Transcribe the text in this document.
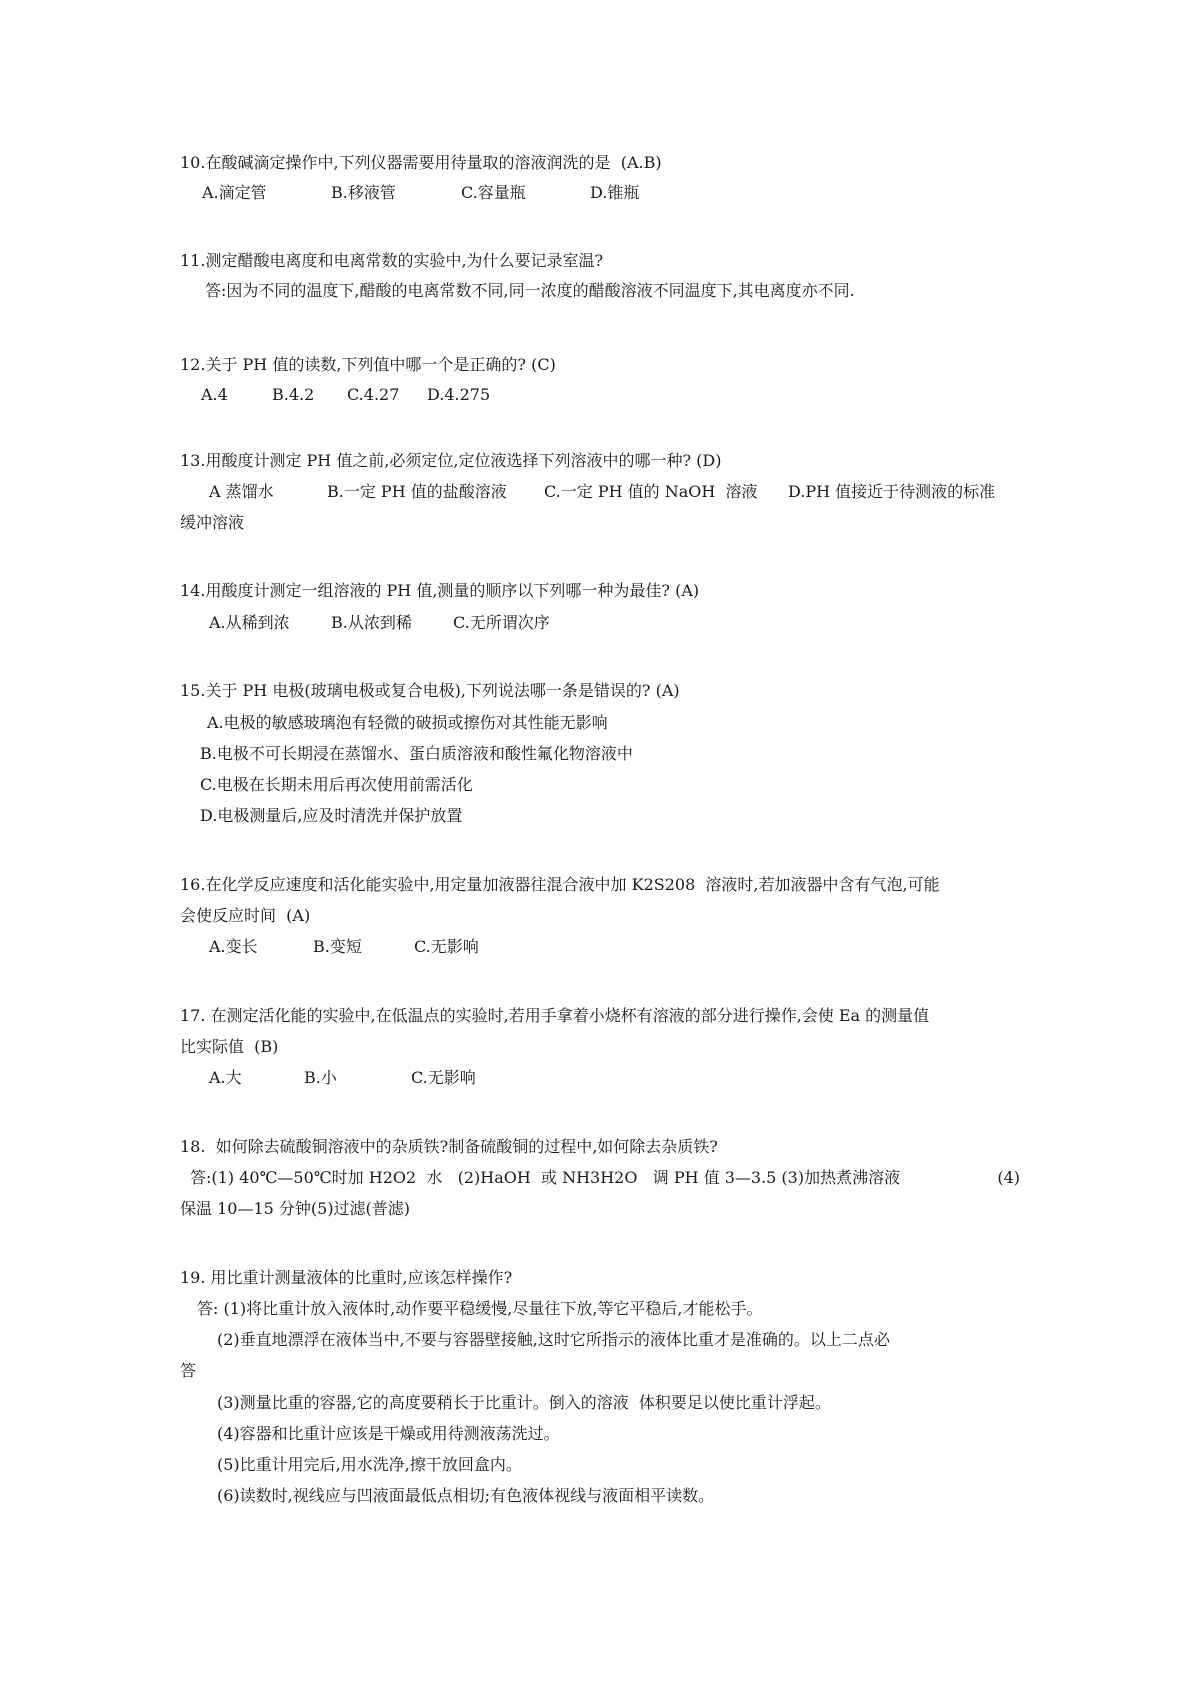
10.在酸碱滴定操作中,下列仪器需要用待量取的溶液润洗的是  (A.B)
A.滴定管	B.移液管	C.容量瓶	D.锥瓶
11.测定醋酸电离度和电离常数的实验中,为什么要记录室温?
答:因为不同的温度下,醋酸的电离常数不同,同一浓度的醋酸溶液不同温度下,其电离度亦不同.
12.关于 PH 值的读数,下列值中哪一个是正确的? (C)
A.4	B.4.2 C.4.27 D.4.275
13.用酸度计测定 PH 值之前,必须定位,定位液选择下列溶液中的哪一种? (D)
A 蒸馏水	B.一定 PH 值的盐酸溶液 C.一定 PH 值的 NaOH  溶液 D.PH 值接近于待测液的标准
缓冲溶液
14.用酸度计测定一组溶液的 PH 值,测量的顺序以下列哪一种为最佳? (A)
A.从稀到浓	B.从浓到稀	C.无所谓次序
15.关于 PH 电极(玻璃电极或复合电极),下列说法哪一条是错误的? (A)
A.电极的敏感玻璃泡有轻微的破损或擦伤对其性能无影响
B.电极不可长期浸在蒸馏水、蛋白质溶液和酸性氟化物溶液中
C.电极在长期未用后再次使用前需活化
D.电极测量后,应及时清洗并保护放置
16.在化学反应速度和活化能实验中,用定量加液器往混合液中加 K2S208  溶液时,若加液器中含有气泡,可能
会使反应时间  (A)
A.变长	B.变短	C.无影响
17. 在测定活化能的实验中,在低温点的实验时,若用手拿着小烧杯有溶液的部分进行操作,会使 Ea 的测量值
比实际值  (B)
A.大	B.小	C.无影响
18.  如何除去硫酸铜溶液中的杂质铁?制备硫酸铜的过程中,如何除去杂质铁?
答:(1) 40℃—50℃时加 H2O2  水   (2)HaOH  或 NH3H2O   调 PH 值 3—3.5 (3)加热煮沸溶液	(4)
保温 10—15 分钟(5)过滤(普滤)
19. 用比重计测量液体的比重时,应该怎样操作?
答: (1)将比重计放入液体时,动作要平稳缓慢,尽量往下放,等它平稳后,才能松手。
(2)垂直地漂浮在液体当中,不要与容器壁接触,这时它所指示的液体比重才是准确的。以上二点必
答
(3)测量比重的容器,它的高度要稍长于比重计。倒入的溶液  体积要足以使比重计浮起。
(4)容器和比重计应该是干燥或用待测液荡洗过。
(5)比重计用完后,用水洗净,擦干放回盒内。
(6)读数时,视线应与凹液面最低点相切;有色液体视线与液面相平读数。
